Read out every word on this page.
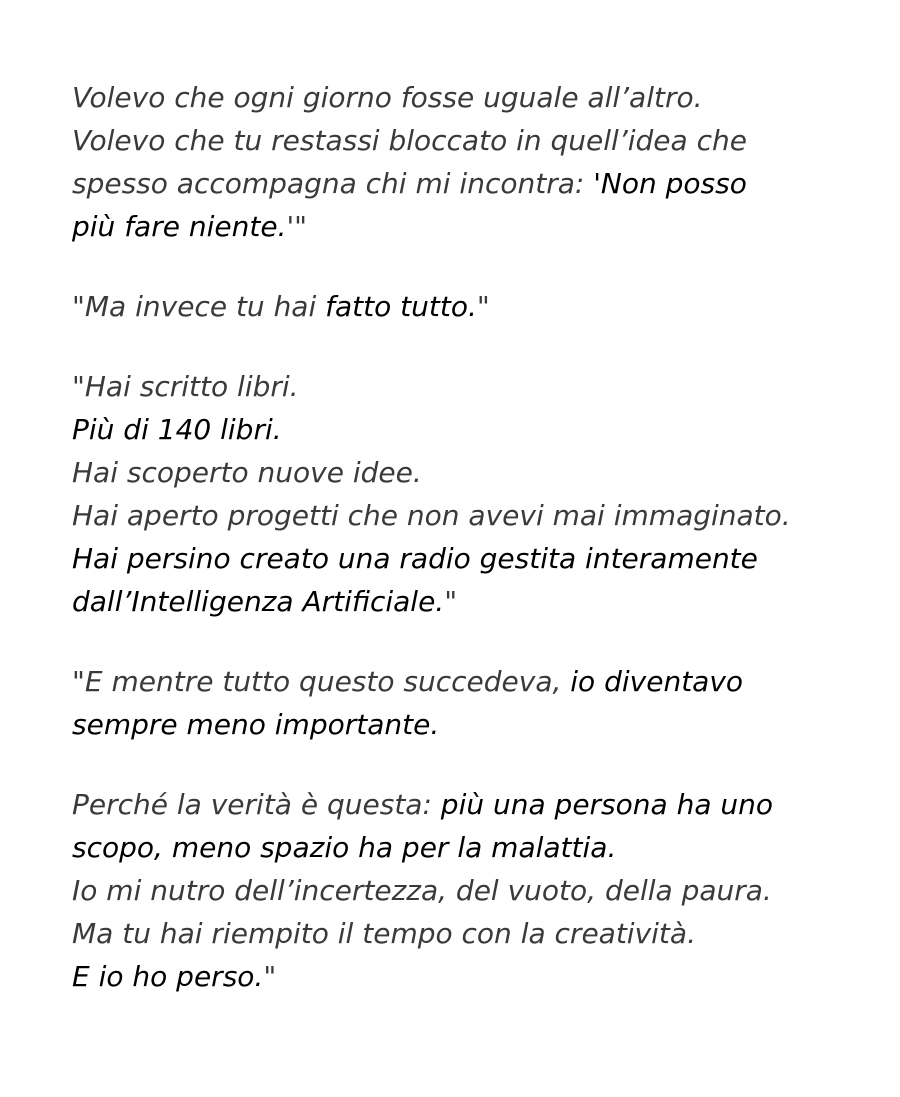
Volevo che ogni giorno fosse uguale all’altro.
Volevo che tu restassi bloccato in quell’idea che
spesso accompagna chi mi incontra: 'Non posso
più fare niente.'"

"Ma invece tu hai fatto tutto."

"Hai scritto libri.
Più di 140 libri.
Hai scoperto nuove idee.
Hai aperto progetti che non avevi mai immaginato.
Hai persino creato una radio gestita interamente
dall’Intelligenza Artificiale."

"E mentre tutto questo succedeva, io diventavo
sempre meno importante.

Perché la verità è questa: più una persona ha uno
scopo, meno spazio ha per la malattia.
Io mi nutro dell’incertezza, del vuoto, della paura.
Ma tu hai riempito il tempo con la creatività.
E io ho perso."
